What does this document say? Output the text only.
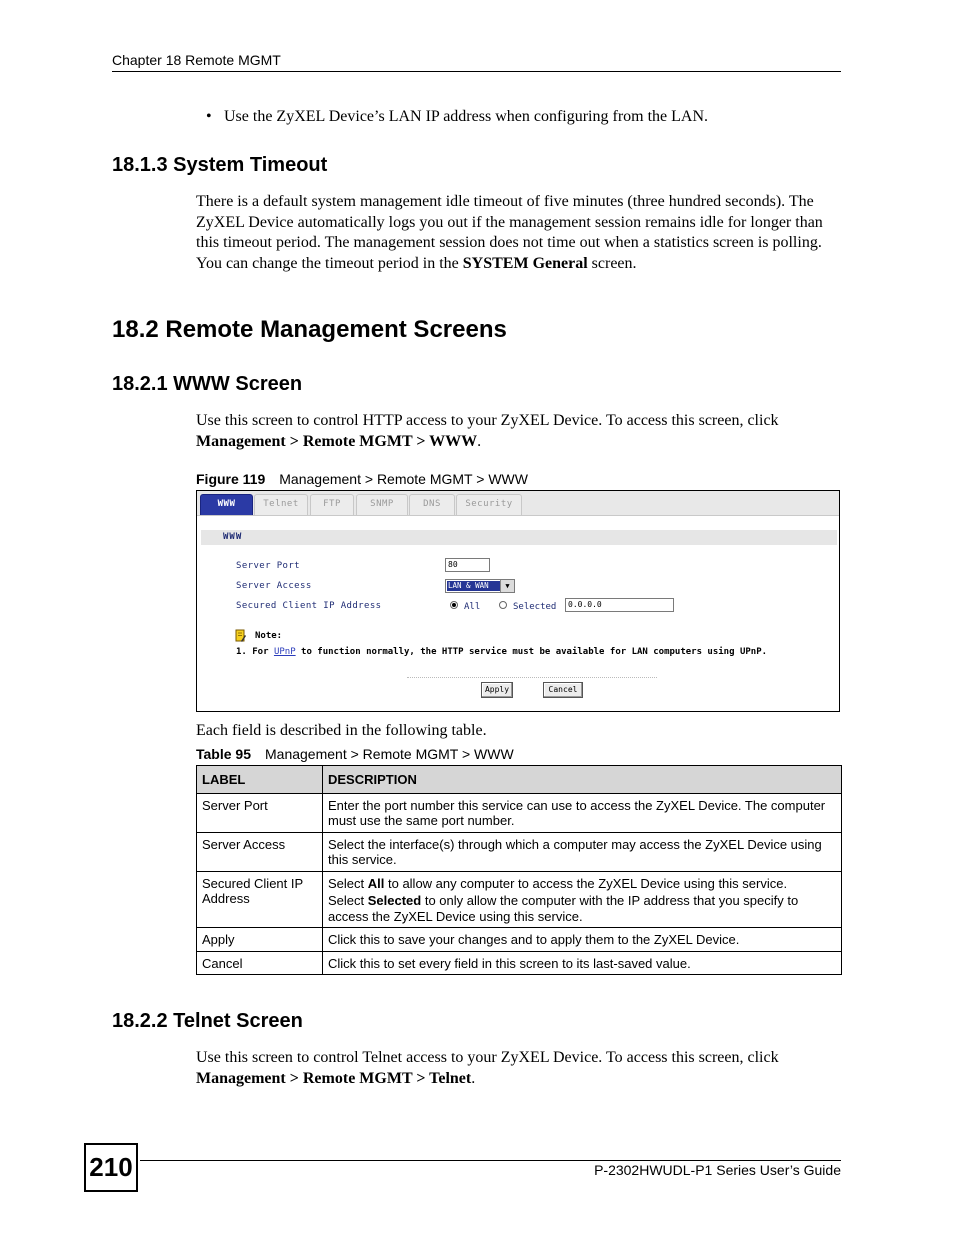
Chapter 18 Remote MGMT
• Use the ZyXEL Device’s LAN IP address when configuring from the LAN.
18.1.3 System Timeout

There is a default system management idle timeout of five minutes (three hundred seconds). The ZyXEL Device automatically logs you out if the management session remains idle for longer than this timeout period. The management session does not time out when a statistics screen is polling. You can change the timeout period in the SYSTEM General screen.

18.2 Remote Management Screens
18.2.1 WWW Screen

Use this screen to control HTTP access to your ZyXEL Device. To access this screen, click Management > Remote MGMT > WWW.

Figure 119 Management > Remote MGMT > WWW
WWW	Telnet	FTP	SNMP	DNS	Security
WWW
Server Port	80
Server Access	LAN & WAN	▼
Secured Client IP Address	All	Selected	0.0.0.0
Note:
1. For UPnP to function normally, the HTTP service must be available for LAN computers using UPnP.
Apply	Cancel

Each field is described in the following table.

Table 95 Management > Remote MGMT > WWW
LABEL	DESCRIPTION
Server Port	Enter the port number this service can use to access the ZyXEL Device. The computer must use the same port number.
Server Access	Select the interface(s) through which a computer may access the ZyXEL Device using this service.
Secured Client IP Address	Select All to allow any computer to access the ZyXEL Device using this service.

Select Selected to only allow the computer with the IP address that you specify to access the ZyXEL Device using this service.

Apply	Click this to save your changes and to apply them to the ZyXEL Device.
Cancel	Click this to set every field in this screen to its last-saved value.
18.2.2 Telnet Screen

Use this screen to control Telnet access to your ZyXEL Device. To access this screen, click Management > Remote MGMT > Telnet.

210	P-2302HWUDL-P1 Series User’s Guide
